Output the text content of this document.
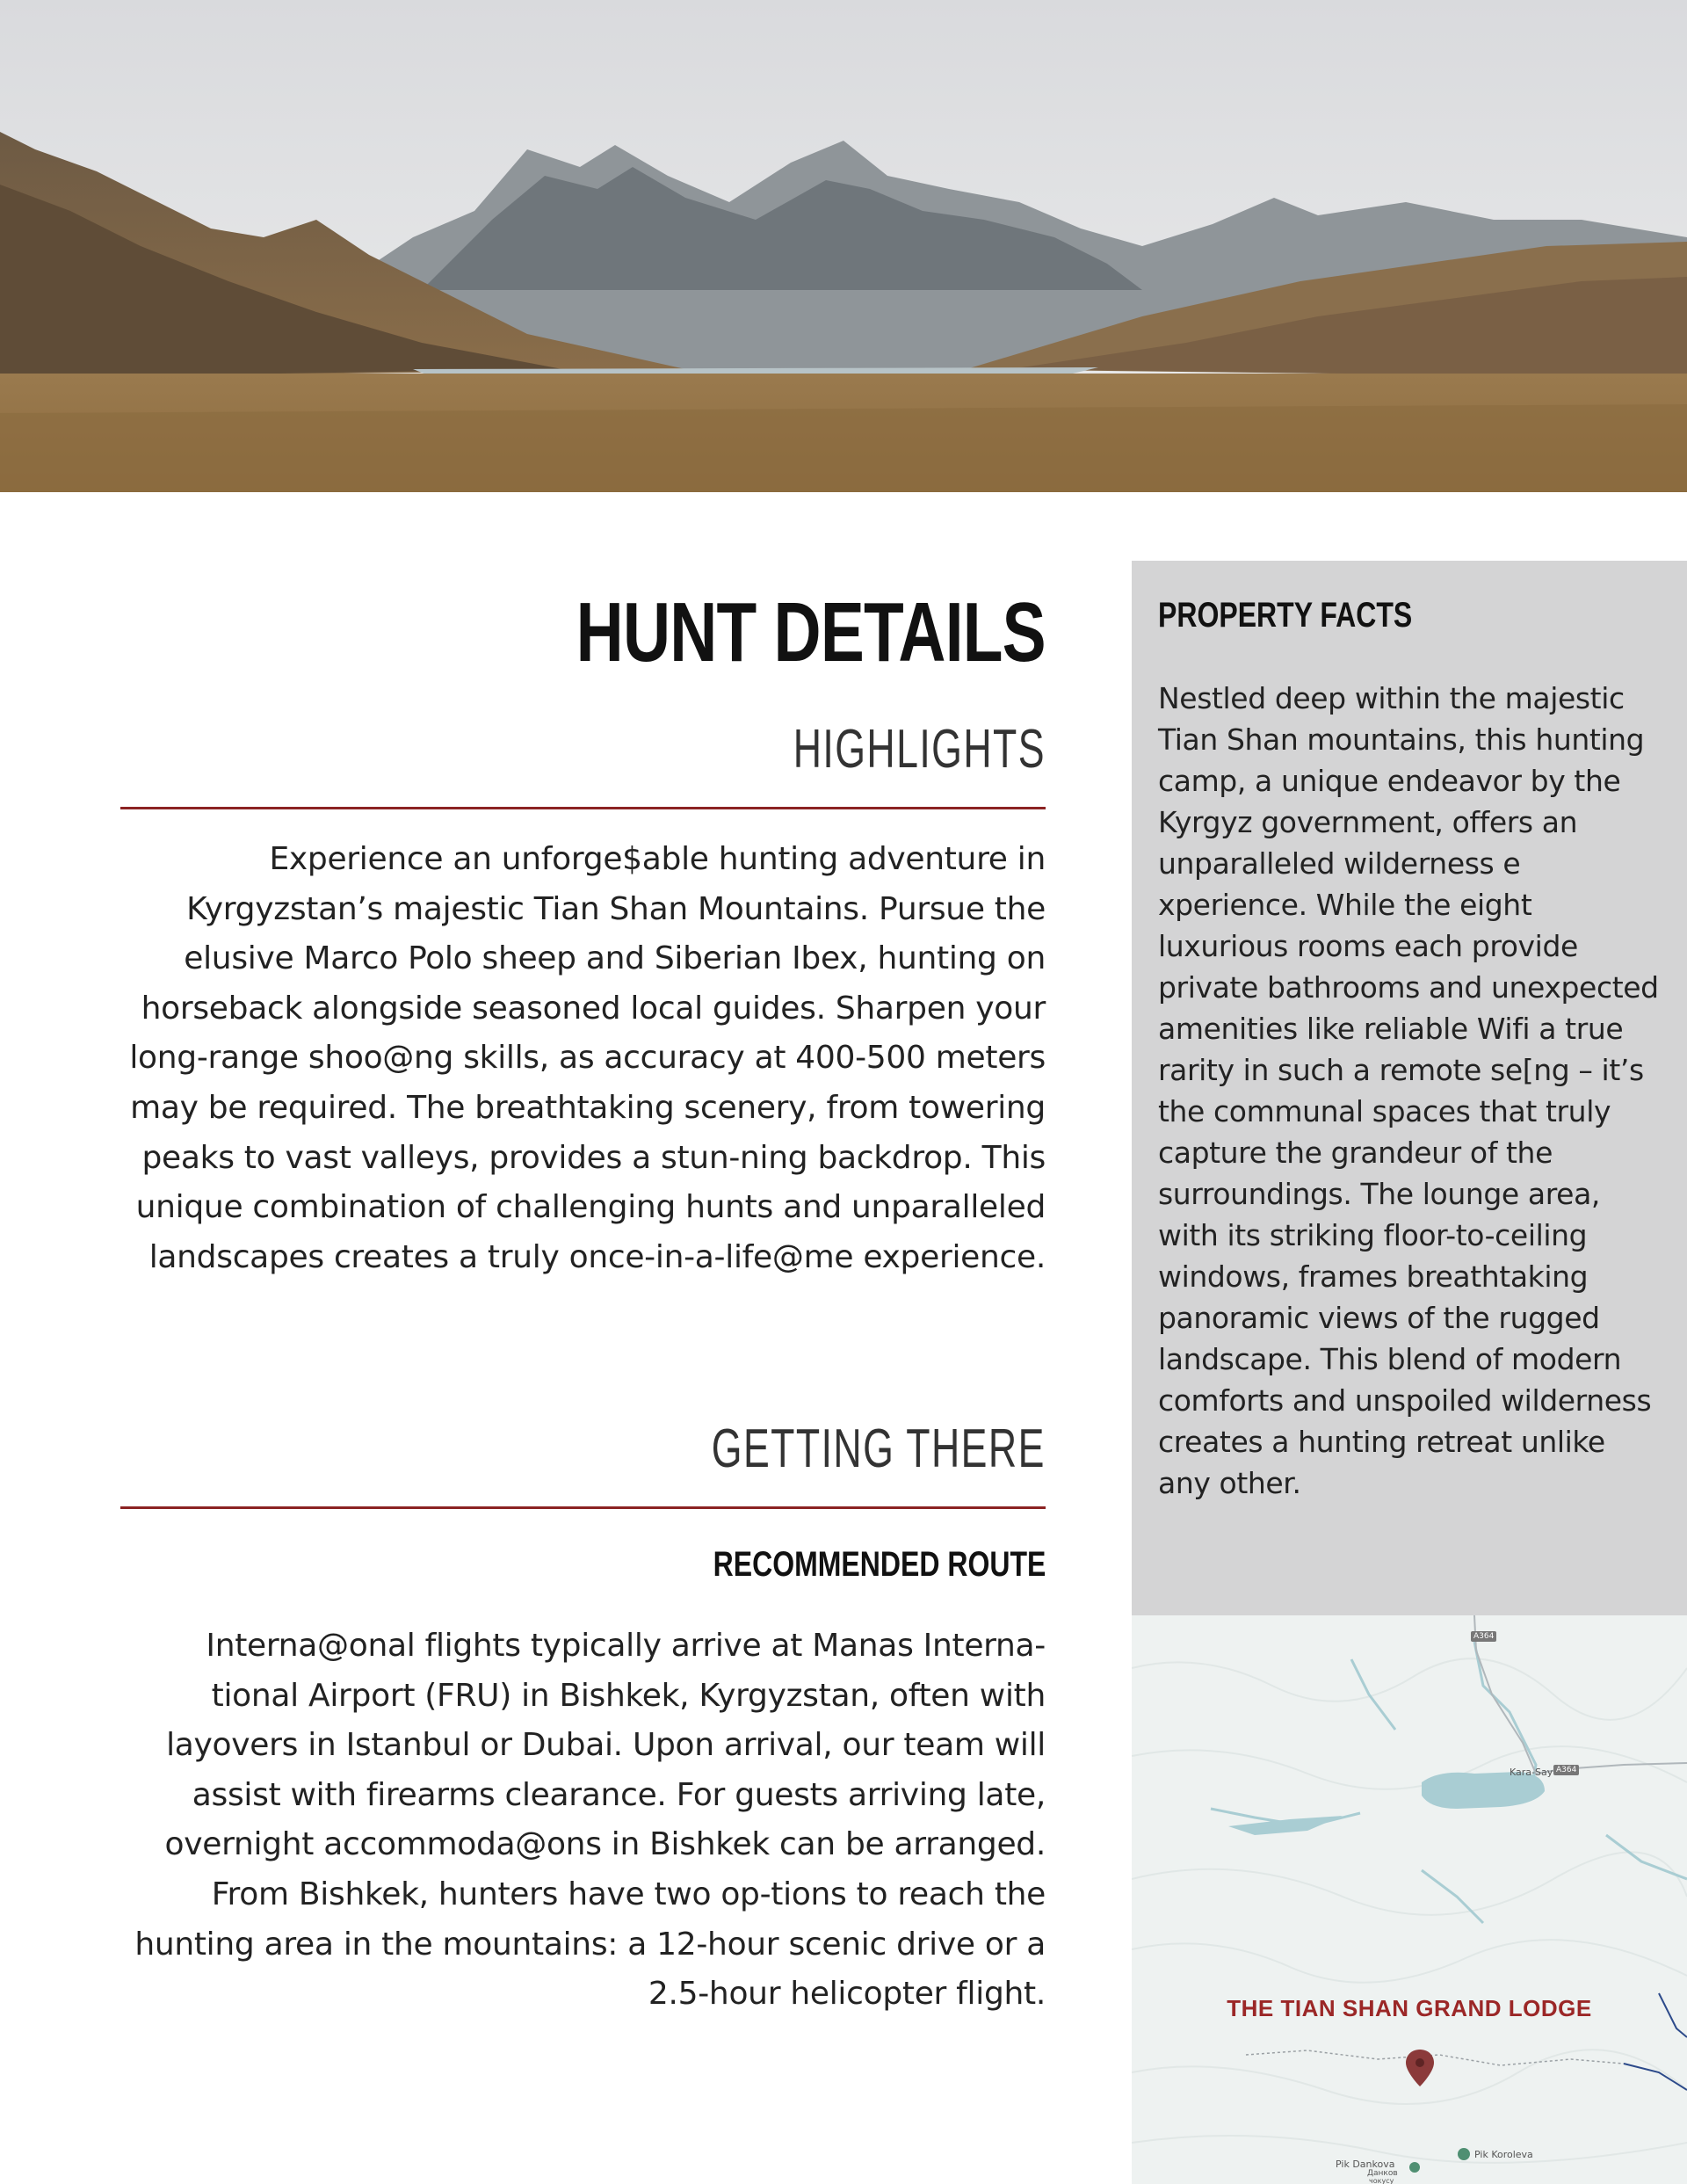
HUNT DETAILS
HIGHLIGHTS

Experience an unforge$able hunting adventure in Kyrgyzstan’s majestic Tian Shan Mountains. Pursue the elusive Marco Polo sheep and Siberian Ibex, hunting on horseback alongside seasoned local guides. Sharpen your long-range shoo@ng skills, as accuracy at 400-500 meters may be required. The breathtaking scenery, from towering peaks to vast valleys, provides a stun-ning backdrop. This unique combination of challenging hunts and unparalleled landscapes creates a truly once-in-a-life@me experience.

GETTING THERE
RECOMMENDED ROUTE

Interna@onal flights typically arrive at Manas Interna-tional Airport (FRU) in Bishkek, Kyrgyzstan, often with layovers in Istanbul or Dubai. Upon arrival, our team will assist with firearms clearance. For guests arriving late, overnight accommoda@ons in Bishkek can be arranged. From Bishkek, hunters have two op-tions to reach the hunting area in the mountains: a 12-hour scenic drive or a 2.5-hour helicopter flight.

PROPERTY FACTS

Nestled deep within the majestic Tian Shan mountains, this hunting camp, a unique endeavor by the Kyrgyz government, offers an unparalleled wilderness e xperience. While the eight luxurious rooms each provide private bathrooms and unexpected amenities like reliable Wifi a true rarity in such a remote se[ng – it’s the communal spaces that truly capture the grandeur of the surroundings. The lounge area, with its striking floor-to-ceiling windows, frames breathtaking panoramic views of the rugged landscape. This blend of modern comforts and unspoiled wilderness creates a hunting retreat unlike any other.

A364
Kara-Say A364
THE TIAN SHAN GRAND LODGE
Pik Dankova
Данков
чокусу
Pik Koroleva
